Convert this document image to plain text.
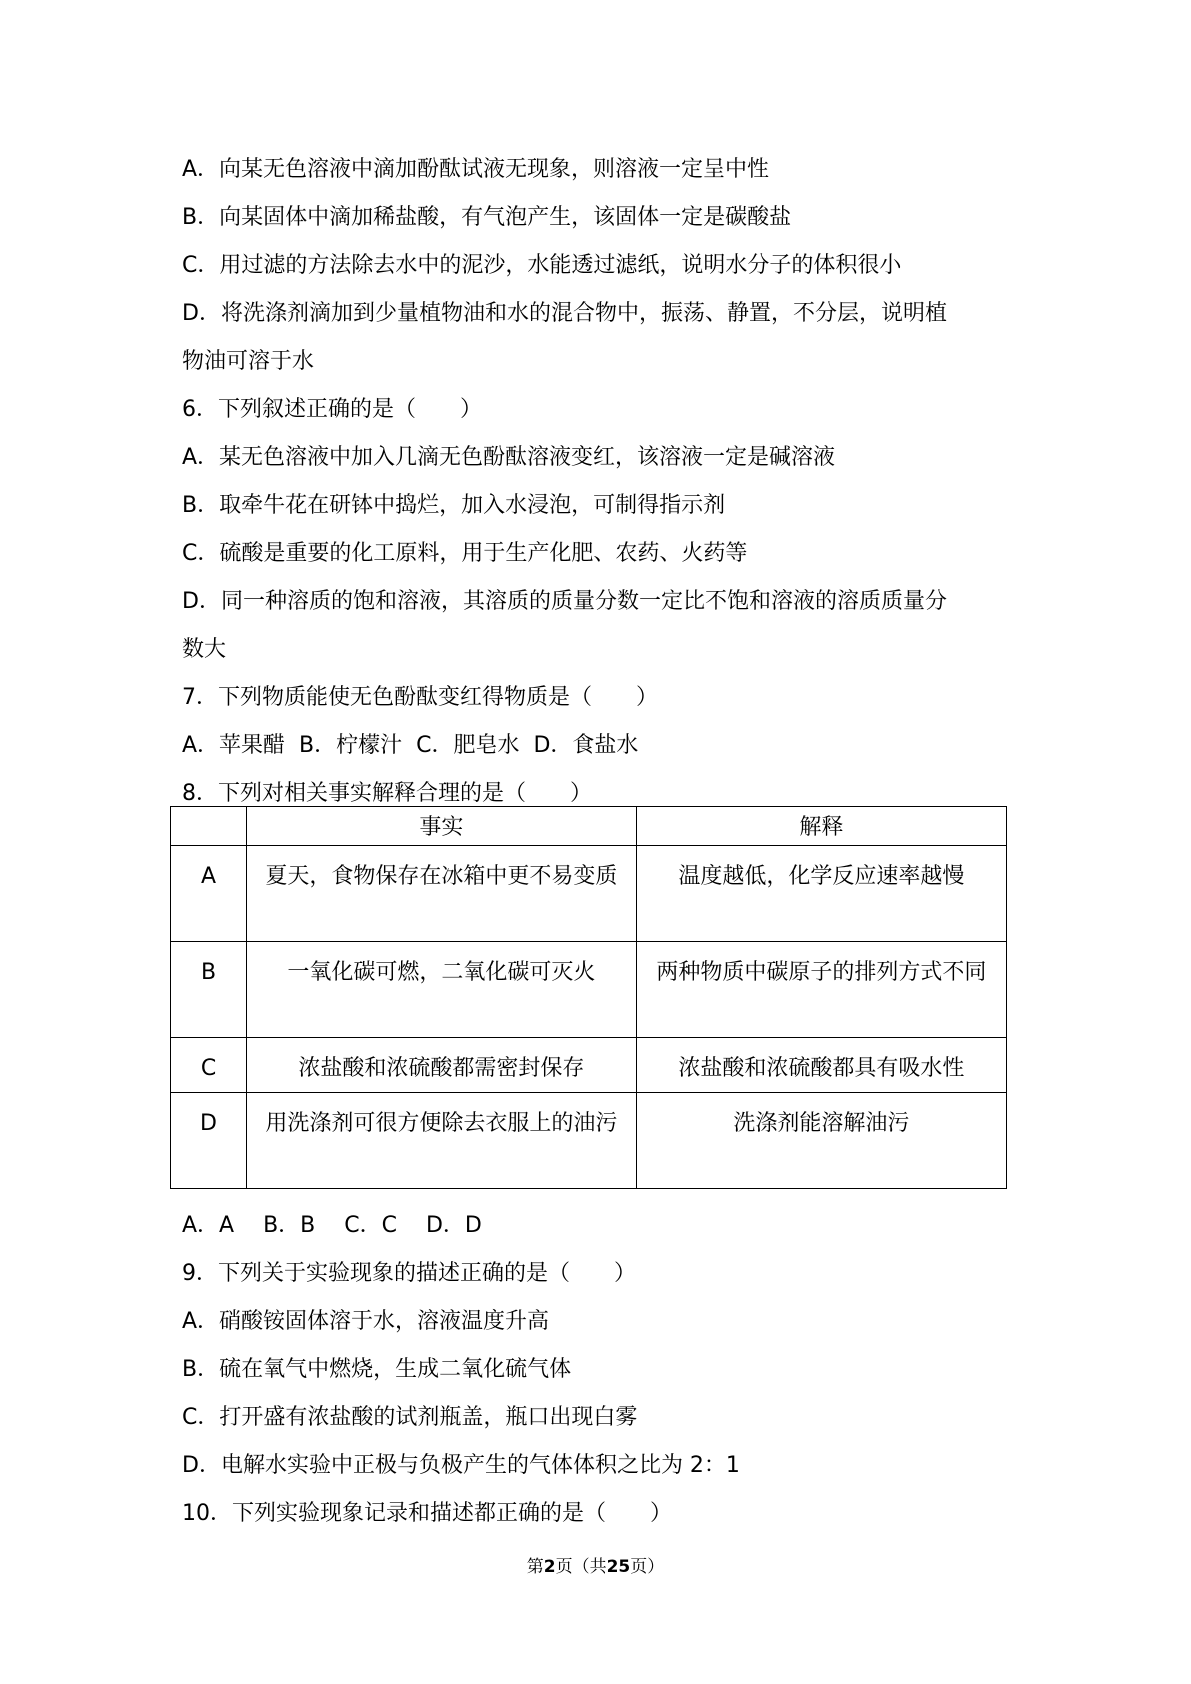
A．向某无色溶液中滴加酚酞试液无现象，则溶液一定呈中性
B．向某固体中滴加稀盐酸，有气泡产生，该固体一定是碳酸盐
C．用过滤的方法除去水中的泥沙，水能透过滤纸，说明水分子的体积很小
D．将洗涤剂滴加到少量植物油和水的混合物中，振荡、静置，不分层，说明植
物油可溶于水
6．下列叙述正确的是（　　）
A．某无色溶液中加入几滴无色酚酞溶液变红，该溶液一定是碱溶液
B．取牵牛花在研钵中捣烂，加入水浸泡，可制得指示剂
C．硫酸是重要的化工原料，用于生产化肥、农药、火药等
D．同一种溶质的饱和溶液，其溶质的质量分数一定比不饱和溶液的溶质质量分
数大
7．下列物质能使无色酚酞变红得物质是（　　）
A．苹果醋  B．柠檬汁  C．肥皂水  D．食盐水
8．下列对相关事实解释合理的是（　　）
	事实	解释
A	夏天，食物保存在冰箱中更不易变质	温度越低，化学反应速率越慢
B	一氧化碳可燃，二氧化碳可灭火	两种物质中碳原子的排列方式不同
C	浓盐酸和浓硫酸都需密封保存	浓盐酸和浓硫酸都具有吸水性
D	用洗涤剂可很方便除去衣服上的油污	洗涤剂能溶解油污
A．A　 B．B　 C．C　 D．D
9．下列关于实验现象的描述正确的是（　　）
A．硝酸铵固体溶于水，溶液温度升高
B．硫在氧气中燃烧，生成二氧化硫气体
C．打开盛有浓盐酸的试剂瓶盖，瓶口出现白雾
D．电解水实验中正极与负极产生的气体体积之比为 2：1
10．下列实验现象记录和描述都正确的是（　　）
第2页（共25页）
